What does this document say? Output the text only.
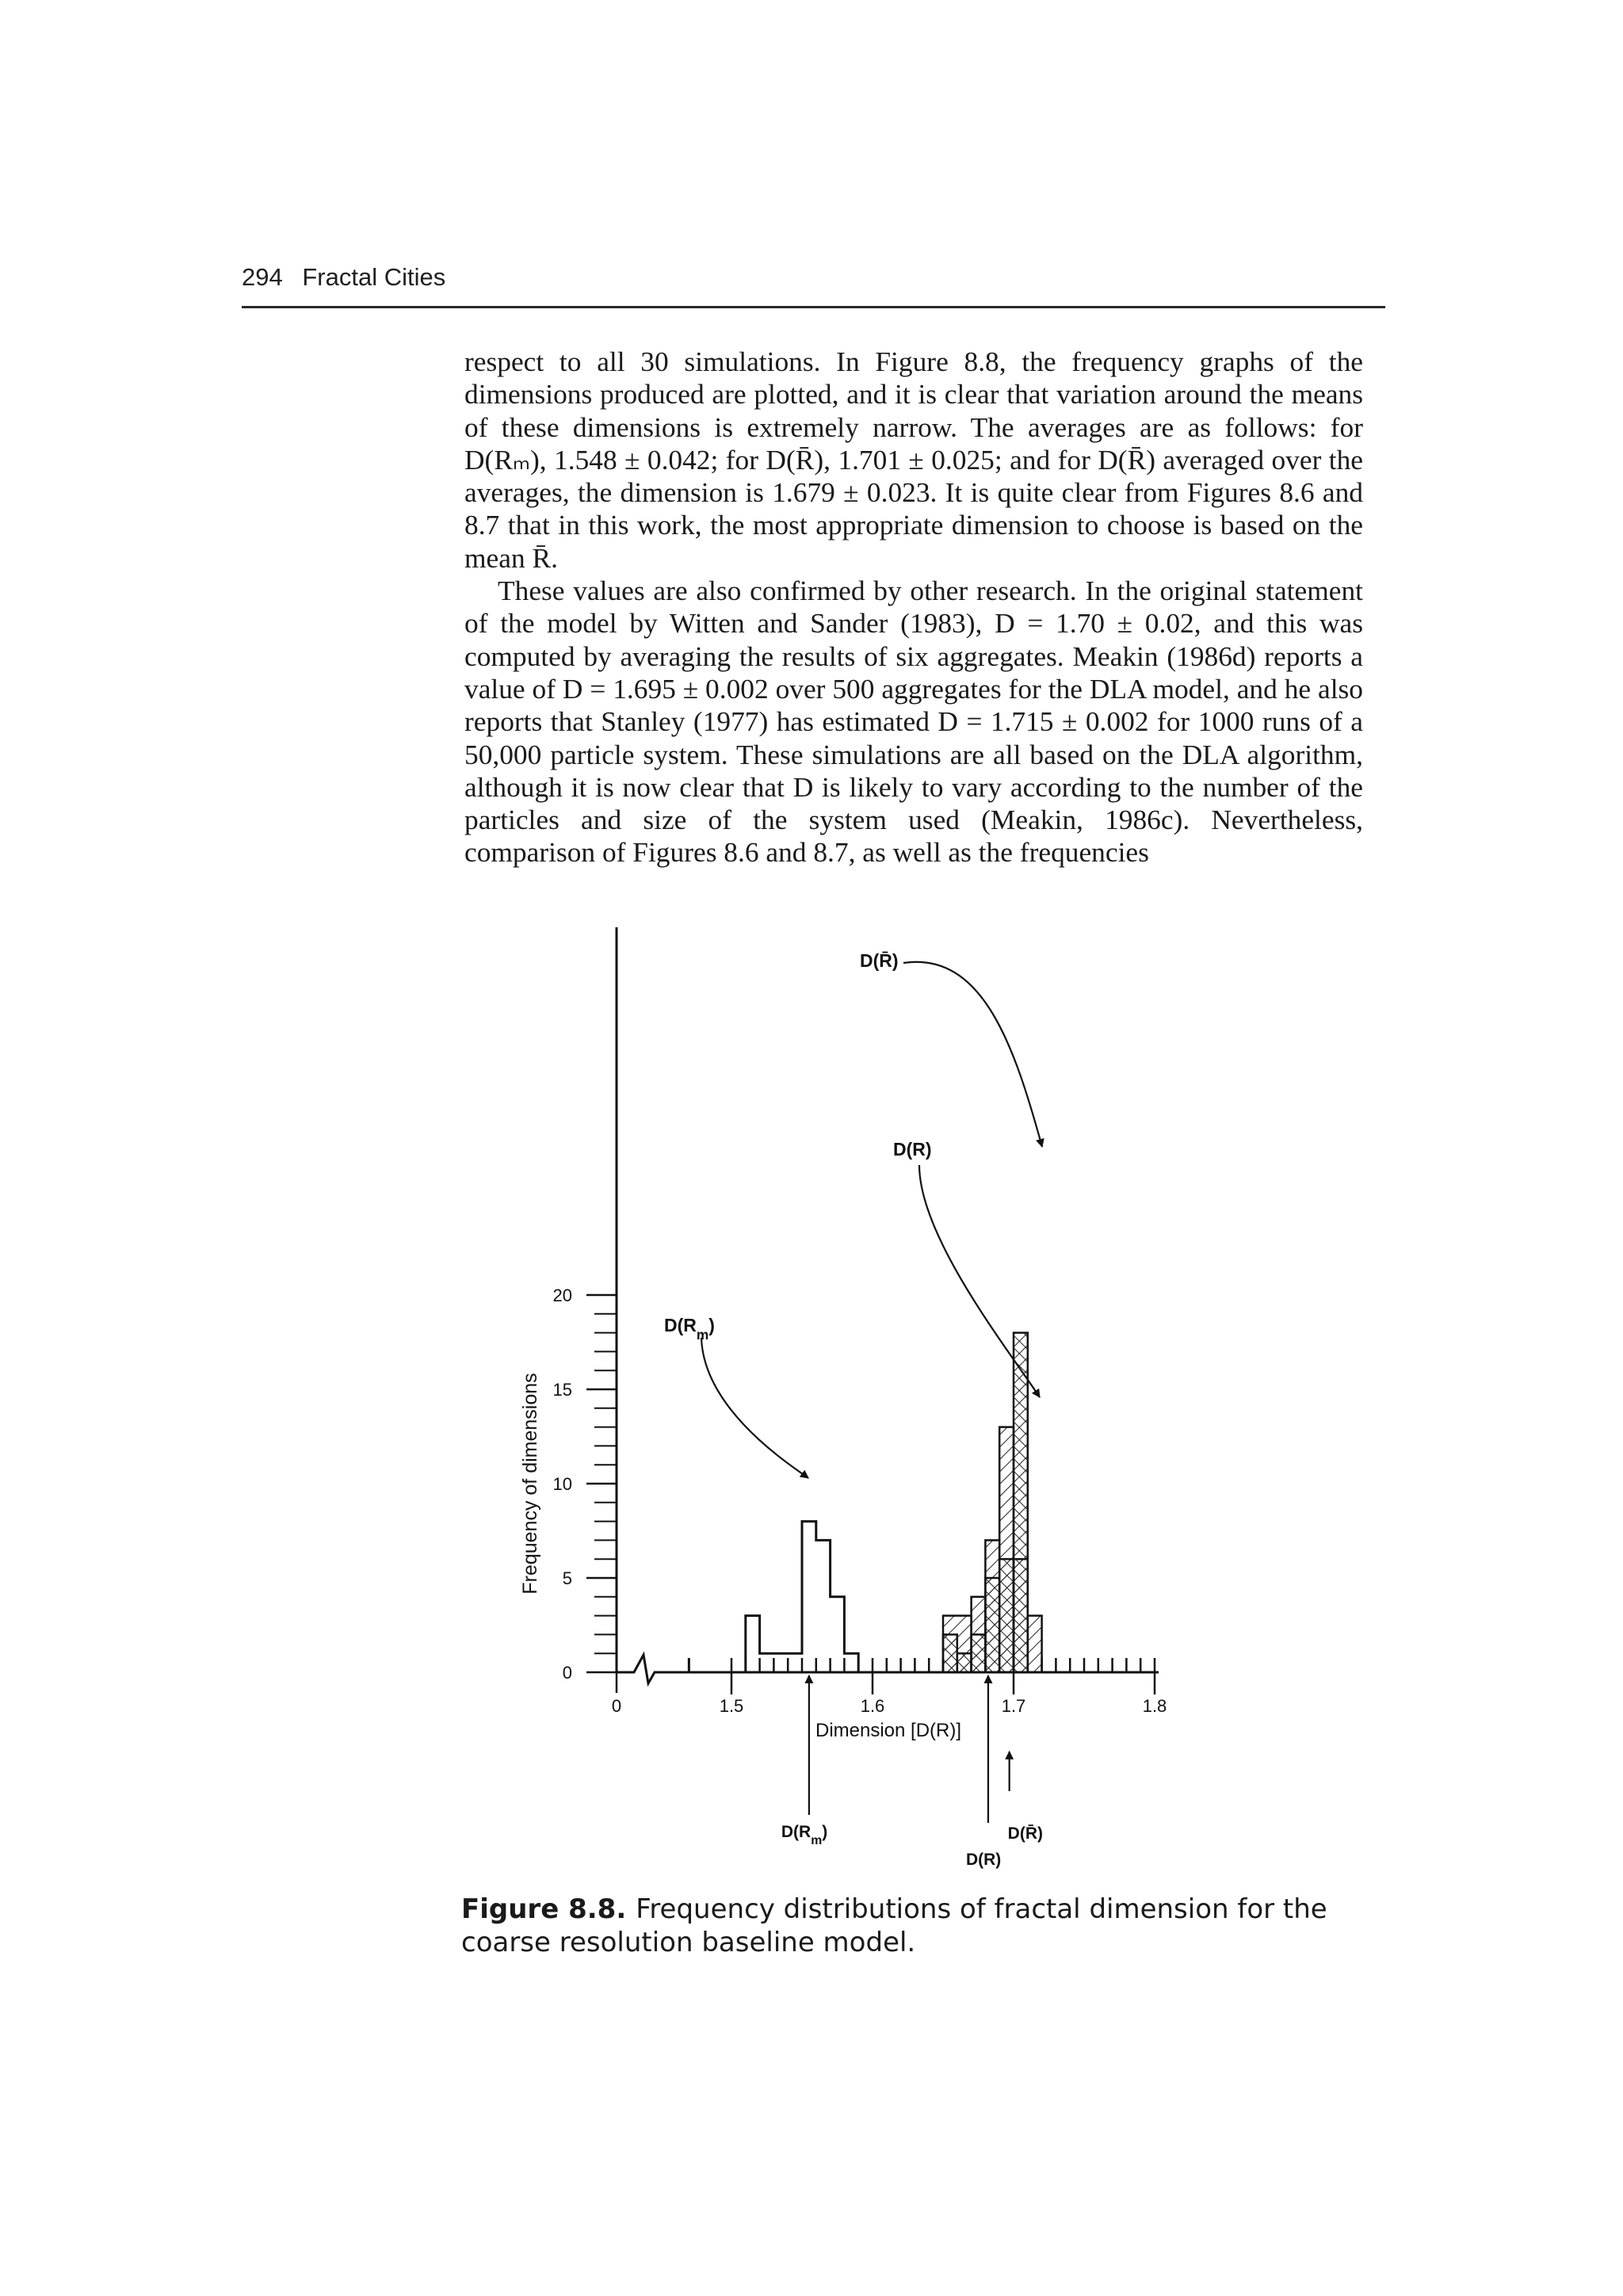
294 Fractal Cities

respect to all 30 simulations. In Figure 8.8, the frequency graphs of the dimensions produced are plotted, and it is clear that variation around the means of these dimensions is extremely narrow. The averages are as follows: for D(Rₘ), 1.548 ± 0.042; for D(R̄), 1.701 ± 0.025; and for D(R̄) averaged over the averages, the dimension is 1.679 ± 0.023. It is quite clear from Figures 8.6 and 8.7 that in this work, the most appropriate dimension to choose is based on the mean R̄.

These values are also confirmed by other research. In the original statement of the model by Witten and Sander (1983), D = 1.70 ± 0.02, and this was computed by averaging the results of six aggregates. Meakin (1986d) reports a value of D = 1.695 ± 0.002 over 500 aggregates for the DLA model, and he also reports that Stanley (1977) has estimated D = 1.715 ± 0.002 for 1000 runs of a 50,000 particle system. These simulations are all based on the DLA algorithm, although it is now clear that D is likely to vary according to the number of the particles and size of the system used (Meakin, 1986c). Nevertheless, comparison of Figures 8.6 and 8.7, as well as the frequencies

0
5
10
15
20
Frequency of dimensions
0	1.5	1.6	1.7	1.8
Dimension [D(R)]
$D(R_m)$
D(R)
D(R̄)
$D(R_m)$	D(R̄)
D(R)
Figure 8.8. Frequency distributions of fractal dimension for the coarse resolution baseline model.
